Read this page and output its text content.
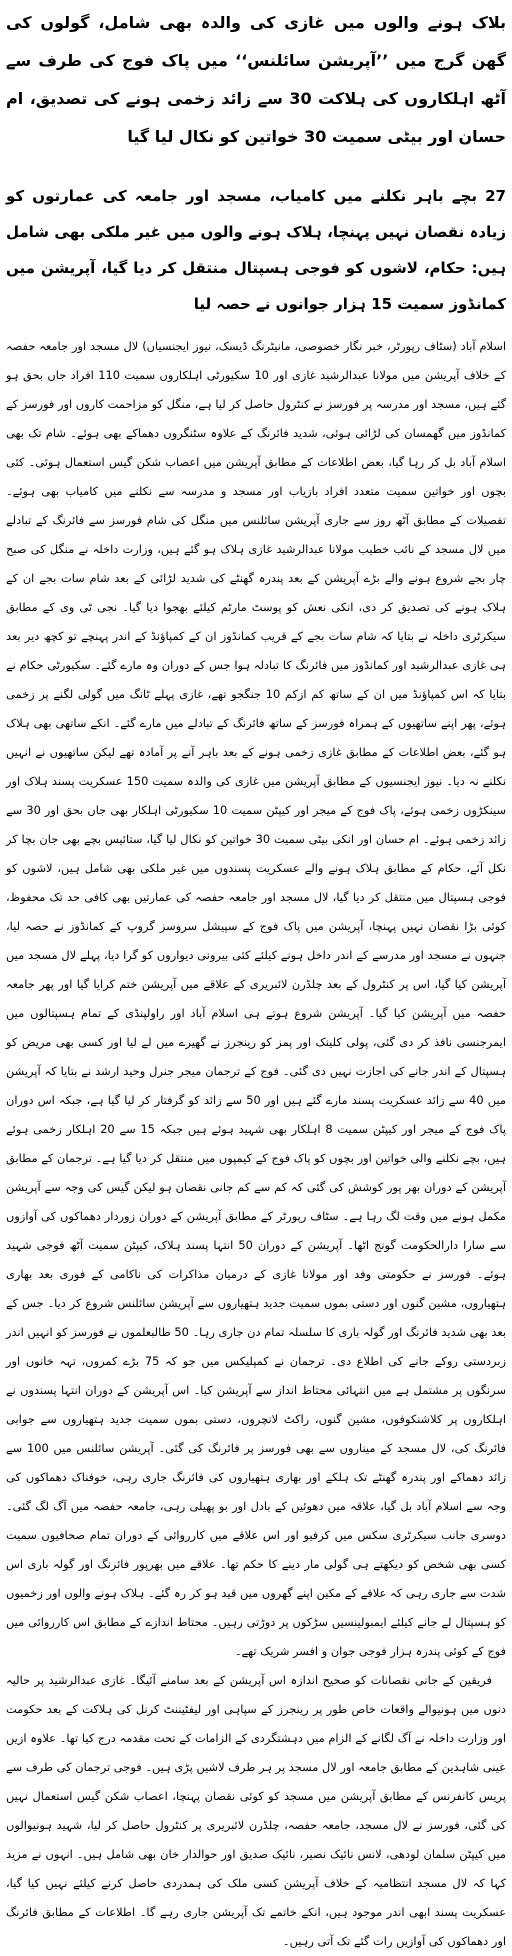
بلاک ہونے والوں میں غازی کی والدہ بھی شامل، گولوں کی گھن گرج میں ’’آپریشن سائلنس‘‘ میں پاک فوج کی طرف سے آٹھ اہلکاروں کی ہلاکت 30 سے زائد زخمی ہونے کی تصدیق، ام حسان اور بیٹی سمیت 30 خواتین کو نکال لیا گیا
27 بچے باہر نکلنے میں کامیاب، مسجد اور جامعہ کی عمارتوں کو زیادہ نقصان نہیں پہنچا، ہلاک ہونے والوں میں غیر ملکی بھی شامل ہیں: حکام، لاشوں کو فوجی ہسپتال منتقل کر دیا گیا، آپریشن میں کمانڈوز سمیت 15 ہزار جوانوں نے حصہ لیا

اسلام آباد (سٹاف رپورٹر، خبر نگار خصوصی، مانیٹرنگ ڈیسک، نیوز ایجنسیاں) لال مسجد اور جامعہ حفصہ کے خلاف آپریشن میں مولانا عبدالرشید غازی اور 10 سکیورٹی اہلکاروں سمیت 110 افراد جاں بحق ہو گئے ہیں، مسجد اور مدرسہ پر فورسز نے کنٹرول حاصل کر لیا ہے، منگل کو مزاحمت کاروں اور فورسز کے کمانڈوز میں گھمسان کی لڑائی ہوئی، شدید فائرنگ کے علاوہ سٹنگروں دھماکے بھی ہوئے۔ شام تک بھی اسلام آباد بل کر رہا گیا، بعض اطلاعات کے مطابق آپریشن میں اعصاب شکن گیس استعمال ہوئی۔ کئی بچوں اور خواتین سمیت متعدد افراد بازیاب اور مسجد و مدرسہ سے نکلنے میں کامیاب بھی ہوئے۔ تفصیلات کے مطابق آٹھ روز سے جاری آپریشن سائلنس میں منگل کی شام فورسز سے فائرنگ کے تبادلے میں لال مسجد کے نائب خطیب مولانا عبدالرشید غازی ہلاک ہو گئے ہیں، وزارت داخلہ نے منگل کی صبح چار بجے شروع ہونے والے بڑے آپریشن کے بعد پندرہ گھنٹے کی شدید لڑائی کے بعد شام سات بجے ان کے ہلاک ہونے کی تصدیق کر دی، انکی نعش کو پوسٹ مارٹم کیلئے بھجوا دیا گیا۔ نجی ٹی وی کے مطابق سیکرٹری داخلہ نے بتایا کہ شام سات بجے کے قریب کمانڈوز ان کے کمپاؤنڈ کے اندر پہنچے تو کچھ دیر بعد ہی غازی عبدالرشید اور کمانڈوز میں فائرنگ کا تبادلہ ہوا جس کے دوران وہ مارے گئے۔ سکیورٹی حکام نے بتایا کہ اس کمپاؤنڈ میں ان کے ساتھ کم ازکم 10 جنگجو تھے، غازی پہلے ٹانگ میں گولی لگنے پر زخمی ہوئے، پھر اپنے ساتھیوں کے ہمراہ فورسز کے ساتھ فائرنگ کے تبادلے میں مارے گئے۔ انکے ساتھی بھی ہلاک ہو گئے، بعض اطلاعات کے مطابق غازی زخمی ہونے کے بعد باہر آنے پر آمادہ تھے لیکن ساتھیوں نے انہیں نکلنے نہ دیا۔ نیوز ایجنسیوں کے مطابق آپریشن میں غازی کی والدہ سمیت 150 عسکریت پسند ہلاک اور سینکڑوں زخمی ہوئے، پاک فوج کے میجر اور کیپٹن سمیت 10 سکیورٹی اہلکار بھی جاں بحق اور 30 سے زائد زخمی ہوئے۔ ام حسان اور انکی بیٹی سمیت 30 خواتین کو نکال لیا گیا، ستائیس بچے بھی جان بچا کر نکل آئے، حکام کے مطابق ہلاک ہونے والے عسکریت پسندوں میں غیر ملکی بھی شامل ہیں، لاشوں کو فوجی ہسپتال میں منتقل کر دیا گیا، لال مسجد اور جامعہ حفصہ کی عمارتیں بھی کافی حد تک محفوظ، کوئی بڑا نقصان نہیں پہنچا، آپریشن میں پاک فوج کے سپیشل سروسز گروپ کے کمانڈوز نے حصہ لیا، جنہوں نے مسجد اور مدرسے کے اندر داخل ہونے کیلئے کئی بیرونی دیواروں کو گرا دیا، پہلے لال مسجد میں آپریشن کیا گیا، اس پر کنٹرول کے بعد چلڈرن لائبریری کے علاقے میں آپریشن ختم کرایا گیا اور پھر جامعہ حفصہ میں آپریشن کیا گیا۔ آپریشن شروع ہوتے ہی اسلام آباد اور راولپنڈی کے تمام ہسپتالوں میں ایمرجنسی نافذ کر دی گئی، پولی کلینک اور پمز کو رینجرز نے گھیرے میں لے لیا اور کسی بھی مریض کو ہسپتال کے اندر جانے کی اجازت نہیں دی گئی۔ فوج کے ترجمان میجر جنرل وحید ارشد نے بتایا کہ آپریشن میں 40 سے زائد عسکریت پسند مارے گئے ہیں اور 50 سے زائد کو گرفتار کر لیا گیا ہے، جبکہ اس دوران پاک فوج کے میجر اور کیپٹن سمیت 8 اہلکار بھی شہید ہوئے ہیں جبکہ 15 سے 20 اہلکار زخمی ہوئے ہیں، بچے نکلنے والی خواتین اور بچوں کو پاک فوج کے کیمپوں میں منتقل کر دیا گیا ہے۔ ترجمان کے مطابق آپریشن کے دوران بھر پور کوشش کی گئی کہ کم سے کم جانی نقصان ہو لیکن گیس کی وجہ سے آپریشن مکمل ہونے میں وقت لگ رہا ہے۔ سٹاف رپورٹر کے مطابق آپریشن کے دوران زوردار دھماکوں کی آوازوں سے سارا دارالحکومت گونج اٹھا۔ آپریشن کے دوران 50 انتہا پسند ہلاک، کیپٹن سمیت آٹھ فوجی شہید ہوئے۔ فورسز نے حکومتی وفد اور مولانا غازی کے درمیان مذاکرات کی ناکامی کے فوری بعد بھاری ہتھیاروں، مشین گنوں اور دستی بموں سمیت جدید ہتھیاروں سے آپریشن سائلنس شروع کر دیا۔ جس کے بعد بھی شدید فائرنگ اور گولہ باری کا سلسلہ تمام دن جاری رہا۔ 50 طالبعلموں نے فورسز کو انہیں اندر زبردستی روکے جانے کی اطلاع دی۔ ترجمان نے کمپلیکس میں جو کہ 75 بڑے کمروں، تہہ خانوں اور سرنگوں پر مشتمل ہے میں انتہائی محتاط انداز سے آپریشن کیا۔ اس آپریشن کے دوران انتہا پسندوں نے اہلکاروں پر کلاشنکوفوں، مشین گنوں، راکٹ لانچروں، دستی بموں سمیت جدید ہتھیاروں سے جوابی فائرنگ کی، لال مسجد کے میناروں سے بھی فورسز پر فائرنگ کی گئی۔ آپریشن سائلنس میں 100 سے زائد دھماکے اور پندرہ گھنٹے تک ہلکے اور بھاری ہتھیاروں کی فائرنگ جاری رہی، خوفناک دھماکوں کی وجہ سے اسلام آباد بل گیا، علاقہ میں دھوئیں کے بادل اور بو پھیلی رہی، جامعہ حفصہ میں آگ لگ گئی۔ دوسری جانب سیکرٹری سکس میں کرفیو اور اس علاقے میں کارروائی کے دوران تمام صحافیوں سمیت کسی بھی شخص کو دیکھتے ہی گولی مار دینے کا حکم تھا۔ علاقے میں بھرپور فائرنگ اور گولہ باری اس شدت سے جاری رہی کہ علاقے کے مکین اپنے گھروں میں قید ہو کر رہ گئے۔ ہلاک ہونے والوں اور زخمیوں کو ہسپتال لے جانے کیلئے ایمبولینسیں سڑکوں پر دوڑتی رہیں۔ محتاط اندازے کے مطابق اس کارروائی میں فوج کے کوئی پندرہ ہزار فوجی جوان و افسر شریک تھے۔

فریقین کے جانی نقصانات کو صحیح اندازہ اس آپریشن کے بعد سامنے آئیگا۔ غازی عبدالرشید پر حالیہ دنوں میں ہونیوالے واقعات خاص طور پر رینجرز کے سپاہی اور لیفٹیننٹ کرنل کی ہلاکت کے بعد حکومت اور وزارت داخلہ نے آگ لگانے کے الزام میں دہشتگردی کے الزامات کے تحت مقدمہ درج کیا تھا۔ علاوہ ازیں عینی شاہدین کے مطابق جامعہ اور لال مسجد پر ہر طرف لاشیں پڑی ہیں۔ فوجی ترجمان کی طرف سے پریس کانفرنس کے مطابق آپریشن میں مسجد کو کوئی نقصان پہنچا، اعصاب شکن گیس استعمال نہیں کی گئی، فورسز نے لال مسجد، جامعہ حفصہ، چلڈرن لائبریری پر کنٹرول حاصل کر لیا، شہید ہونیوالوں میں کیپٹن سلمان لودھی، لانس نائیک نصیر، نائیک صدیق اور حوالدار خان بھی شامل ہیں۔ انہوں نے مزید کہا کہ لال مسجد انتظامیہ کے خلاف آپریشن کسی ملک کی ہمدردی حاصل کرنے کیلئے نہیں کیا گیا، عسکریت پسند ابھی اندر موجود ہیں، انکے خاتمے تک آپریشن جاری رہے گا۔ اطلاعات کے مطابق فائرنگ اور دھماکوں کی آوازیں رات گئے تک آتی رہیں۔
